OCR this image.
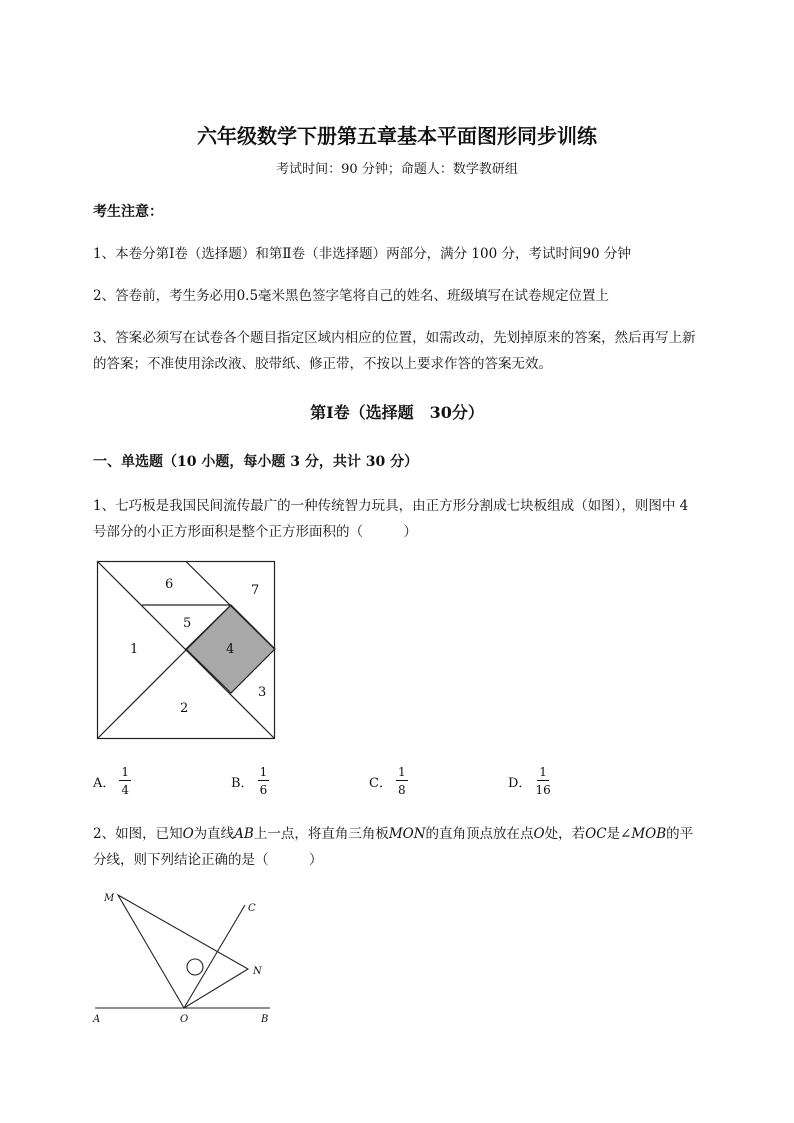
六年级数学下册第五章基本平面图形同步训练
考试时间：90 分钟；命题人：数学教研组
考生注意：
1、本卷分第Ⅰ卷（选择题）和第Ⅱ卷（非选择题）两部分，满分 100 分，考试时间90 分钟
2、答卷前，考生务必用0.5毫米黑色签字笔将自己的姓名、班级填写在试卷规定位置上
3、答案必须写在试卷各个题目指定区域内相应的位置，如需改动，先划掉原来的答案，然后再写上新
的答案；不准使用涂改液、胶带纸、修正带，不按以上要求作答的答案无效。
第Ⅰ卷（选择题　30分）
一、单选题（10 小题，每小题 3 分，共计 30 分）
1、七巧板是我国民间流传最广的一种传统智力玩具，由正方形分割成七块板组成（如图），则图中 4
号部分的小正方形面积是整个正方形面积的（　　　）
1
2
3
4
5
6	7
A． $\frac{1}{4}$	B． $\frac{1}{6}$	C． $\frac{1}{8}$	D． $\frac{1}{16}$
2、如图，已知O为直线AB上一点，将直角三角板MON的直角顶点放在点O处，若OC是∠MOB的平
分线，则下列结论正确的是（　　　）
M
C
N
A	O	B
